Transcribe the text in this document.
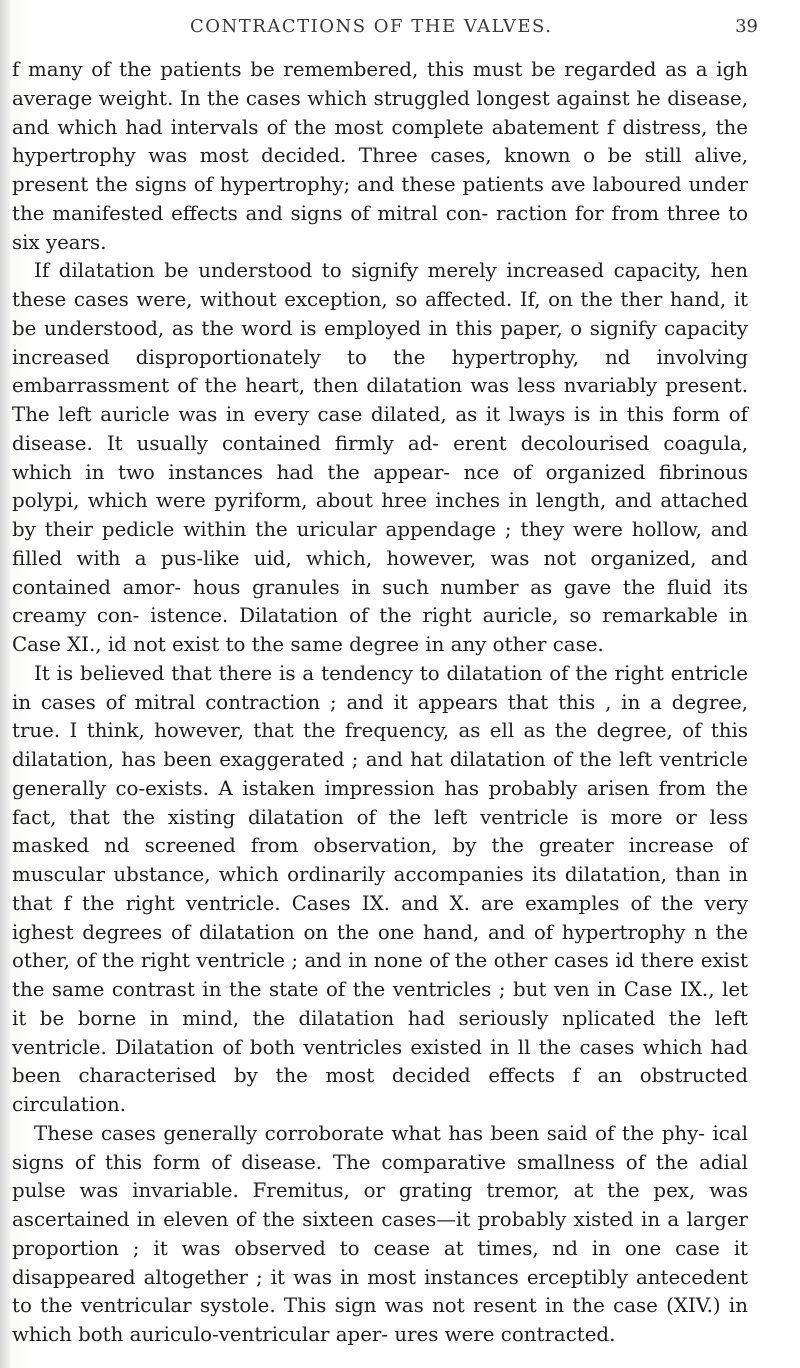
CONTRACTIONS OF THE VALVES.	39

f many of the patients be remembered, this must be regarded as a igh average weight. In the cases which struggled longest against he disease, and which had intervals of the most complete abatement f distress, the hypertrophy was most decided. Three cases, known o be still alive, present the signs of hypertrophy; and these patients ave laboured under the manifested effects and signs of mitral con- raction for from three to six years.

If dilatation be understood to signify merely increased capacity, hen these cases were, without exception, so affected. If, on the ther hand, it be understood, as the word is employed in this paper, o signify capacity increased disproportionately to the hypertrophy, nd involving embarrassment of the heart, then dilatation was less nvariably present. The left auricle was in every case dilated, as it lways is in this form of disease. It usually contained firmly ad- erent decolourised coagula, which in two instances had the appear- nce of organized fibrinous polypi, which were pyriform, about hree inches in length, and attached by their pedicle within the uricular appendage ; they were hollow, and filled with a pus-like uid, which, however, was not organized, and contained amor- hous granules in such number as gave the fluid its creamy con- istence. Dilatation of the right auricle, so remarkable in Case XI., id not exist to the same degree in any other case.

It is believed that there is a tendency to dilatation of the right entricle in cases of mitral contraction ; and it appears that this , in a degree, true. I think, however, that the frequency, as ell as the degree, of this dilatation, has been exaggerated ; and hat dilatation of the left ventricle generally co-exists. A istaken impression has probably arisen from the fact, that the xisting dilatation of the left ventricle is more or less masked nd screened from observation, by the greater increase of muscular ubstance, which ordinarily accompanies its dilatation, than in that f the right ventricle. Cases IX. and X. are examples of the very ighest degrees of dilatation on the one hand, and of hypertrophy n the other, of the right ventricle ; and in none of the other cases id there exist the same contrast in the state of the ventricles ; but ven in Case IX., let it be borne in mind, the dilatation had seriously nplicated the left ventricle. Dilatation of both ventricles existed in ll the cases which had been characterised by the most decided effects f an obstructed circulation.

These cases generally corroborate what has been said of the phy- ical signs of this form of disease. The comparative smallness of the adial pulse was invariable. Fremitus, or grating tremor, at the pex, was ascertained in eleven of the sixteen cases—it probably xisted in a larger proportion ; it was observed to cease at times, nd in one case it disappeared altogether ; it was in most instances erceptibly antecedent to the ventricular systole. This sign was not resent in the case (XIV.) in which both auriculo-ventricular aper- ures were contracted.
